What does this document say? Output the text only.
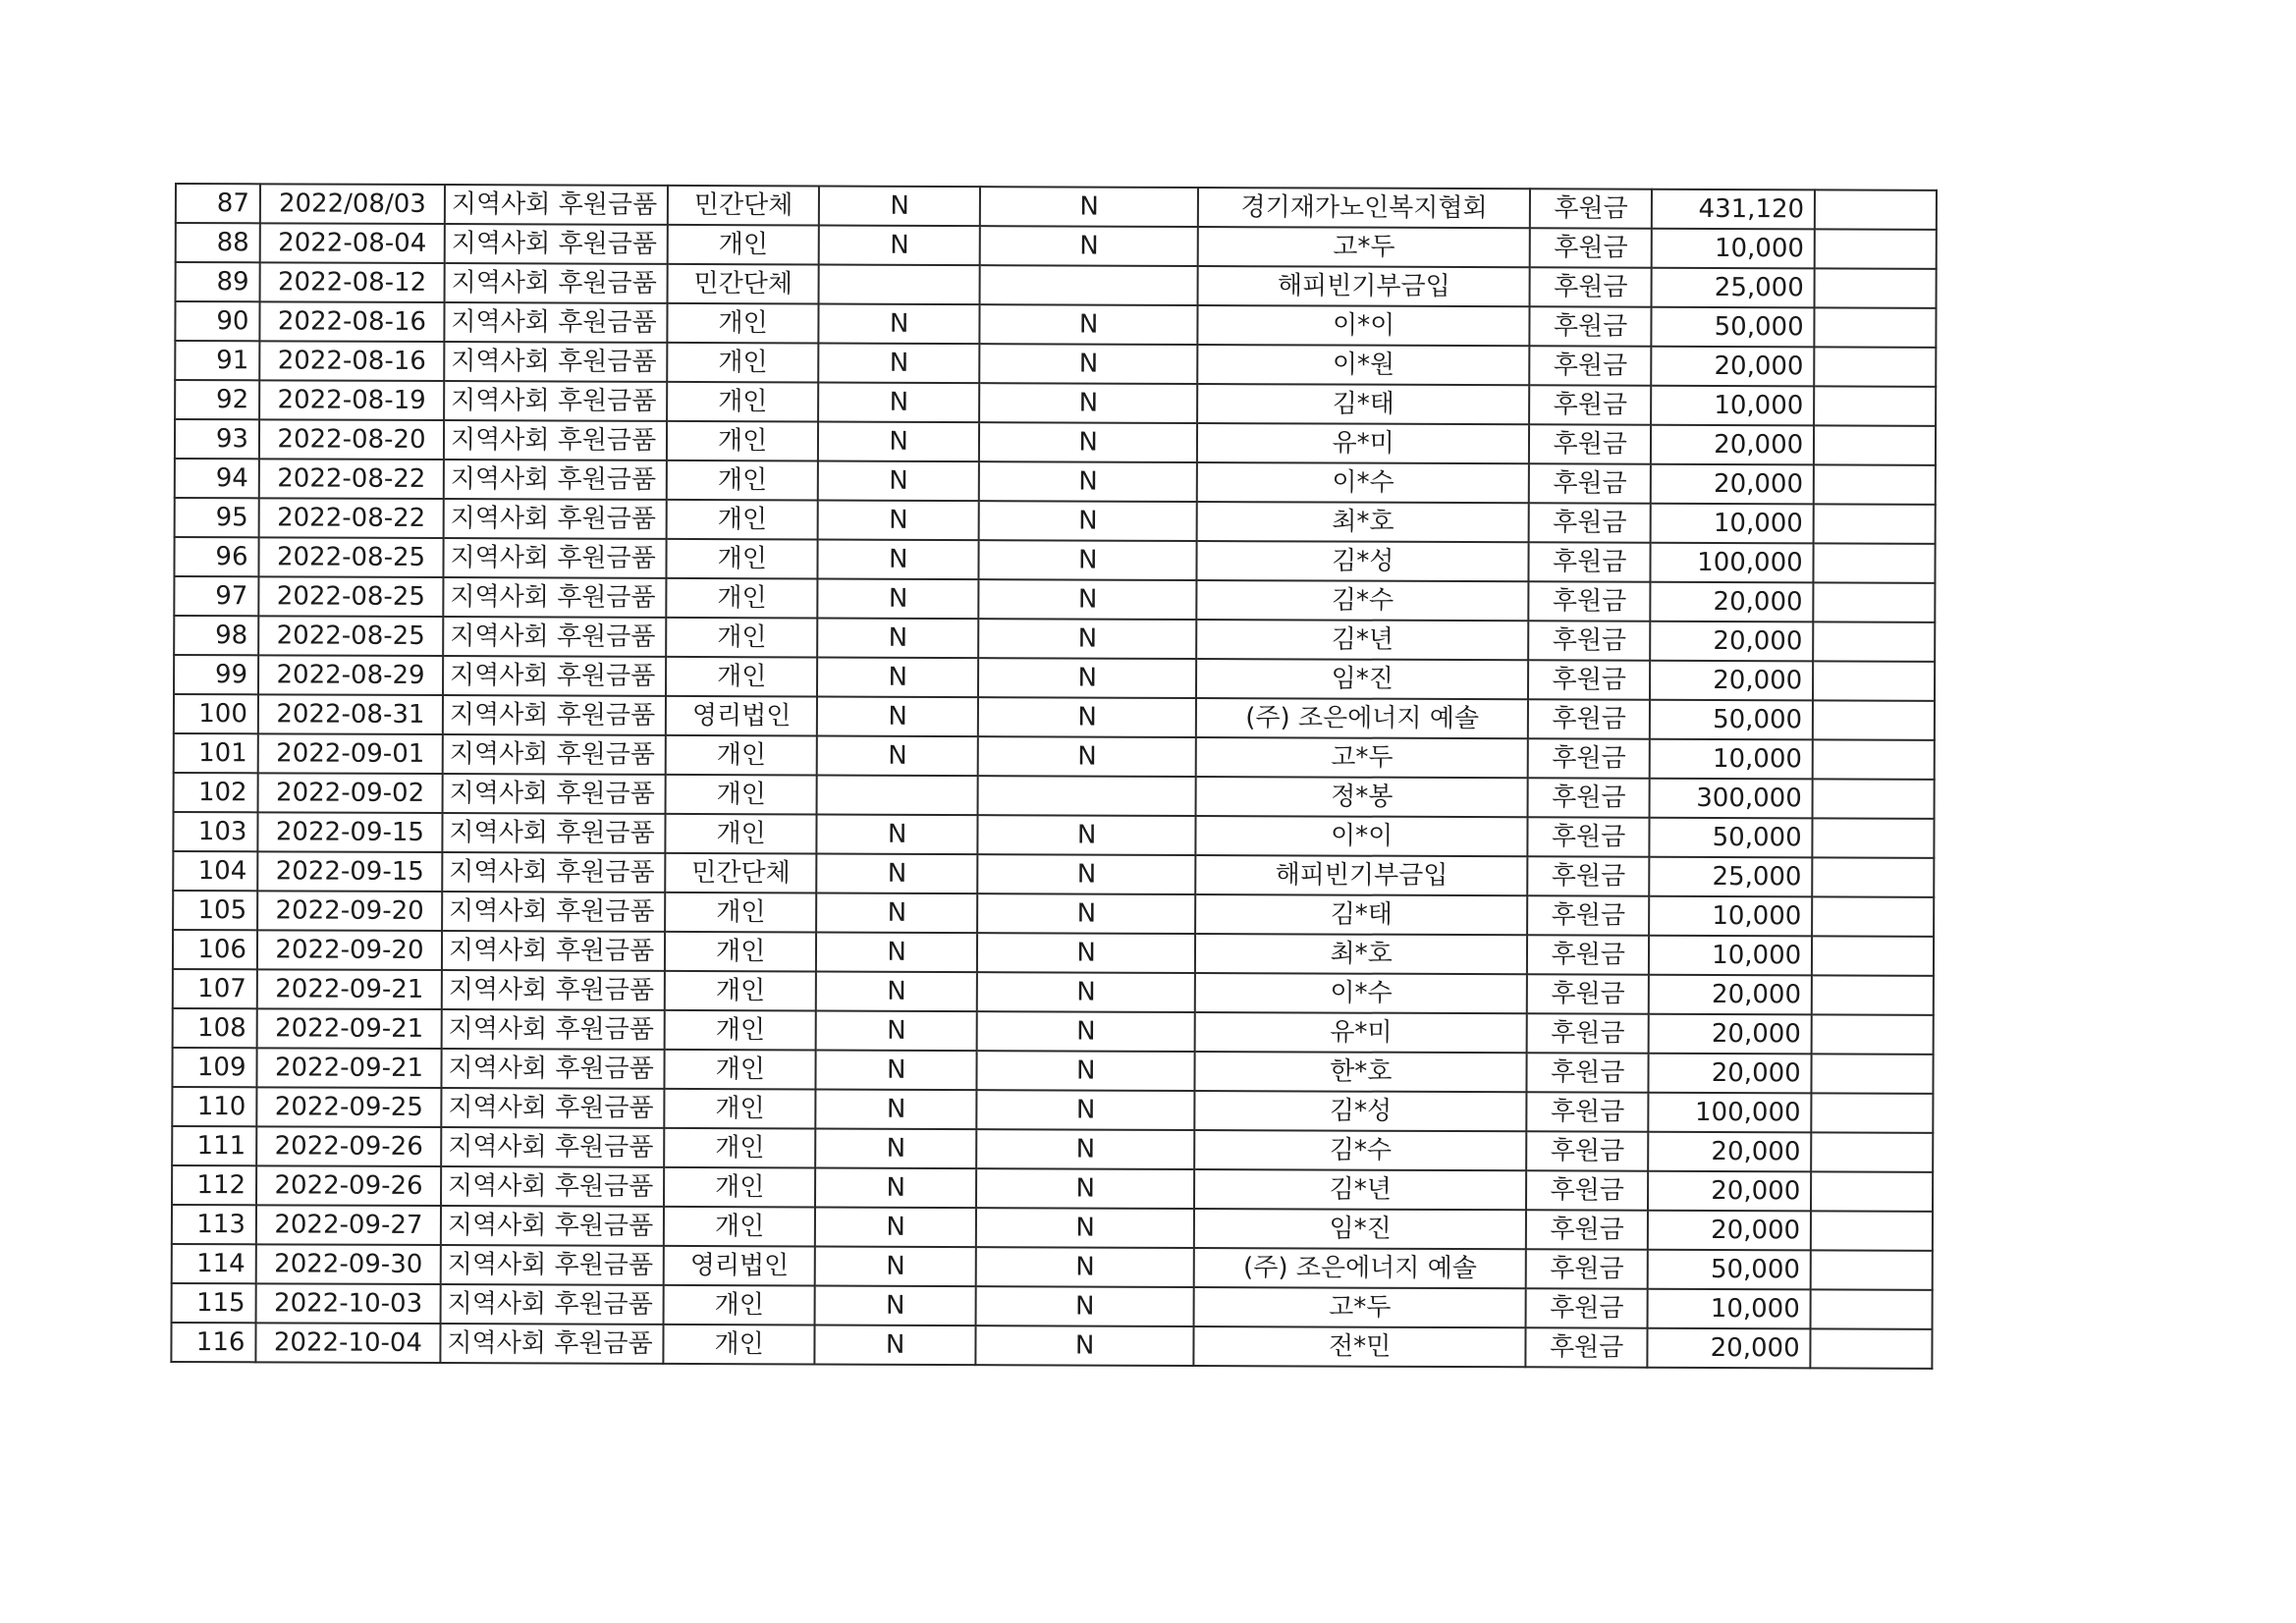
87	2022/08/03	지역사회 후원금품	민간단체	N	N	경기재가노인복지협회	후원금	431,120	
88	2022-08-04	지역사회 후원금품	개인	N	N	고*두	후원금	10,000	
89	2022-08-12	지역사회 후원금품	민간단체			해피빈기부금입	후원금	25,000	
90	2022-08-16	지역사회 후원금품	개인	N	N	이*이	후원금	50,000	
91	2022-08-16	지역사회 후원금품	개인	N	N	이*원	후원금	20,000	
92	2022-08-19	지역사회 후원금품	개인	N	N	김*태	후원금	10,000	
93	2022-08-20	지역사회 후원금품	개인	N	N	유*미	후원금	20,000	
94	2022-08-22	지역사회 후원금품	개인	N	N	이*수	후원금	20,000	
95	2022-08-22	지역사회 후원금품	개인	N	N	최*호	후원금	10,000	
96	2022-08-25	지역사회 후원금품	개인	N	N	김*성	후원금	100,000	
97	2022-08-25	지역사회 후원금품	개인	N	N	김*수	후원금	20,000	
98	2022-08-25	지역사회 후원금품	개인	N	N	김*년	후원금	20,000	
99	2022-08-29	지역사회 후원금품	개인	N	N	임*진	후원금	20,000	
100	2022-08-31	지역사회 후원금품	영리법인	N	N	(주) 조은에너지 예솔	후원금	50,000	
101	2022-09-01	지역사회 후원금품	개인	N	N	고*두	후원금	10,000	
102	2022-09-02	지역사회 후원금품	개인			정*봉	후원금	300,000	
103	2022-09-15	지역사회 후원금품	개인	N	N	이*이	후원금	50,000	
104	2022-09-15	지역사회 후원금품	민간단체	N	N	해피빈기부금입	후원금	25,000	
105	2022-09-20	지역사회 후원금품	개인	N	N	김*태	후원금	10,000	
106	2022-09-20	지역사회 후원금품	개인	N	N	최*호	후원금	10,000	
107	2022-09-21	지역사회 후원금품	개인	N	N	이*수	후원금	20,000	
108	2022-09-21	지역사회 후원금품	개인	N	N	유*미	후원금	20,000	
109	2022-09-21	지역사회 후원금품	개인	N	N	한*호	후원금	20,000	
110	2022-09-25	지역사회 후원금품	개인	N	N	김*성	후원금	100,000	
111	2022-09-26	지역사회 후원금품	개인	N	N	김*수	후원금	20,000	
112	2022-09-26	지역사회 후원금품	개인	N	N	김*년	후원금	20,000	
113	2022-09-27	지역사회 후원금품	개인	N	N	임*진	후원금	20,000	
114	2022-09-30	지역사회 후원금품	영리법인	N	N	(주) 조은에너지 예솔	후원금	50,000	
115	2022-10-03	지역사회 후원금품	개인	N	N	고*두	후원금	10,000	
116	2022-10-04	지역사회 후원금품	개인	N	N	전*민	후원금	20,000	
